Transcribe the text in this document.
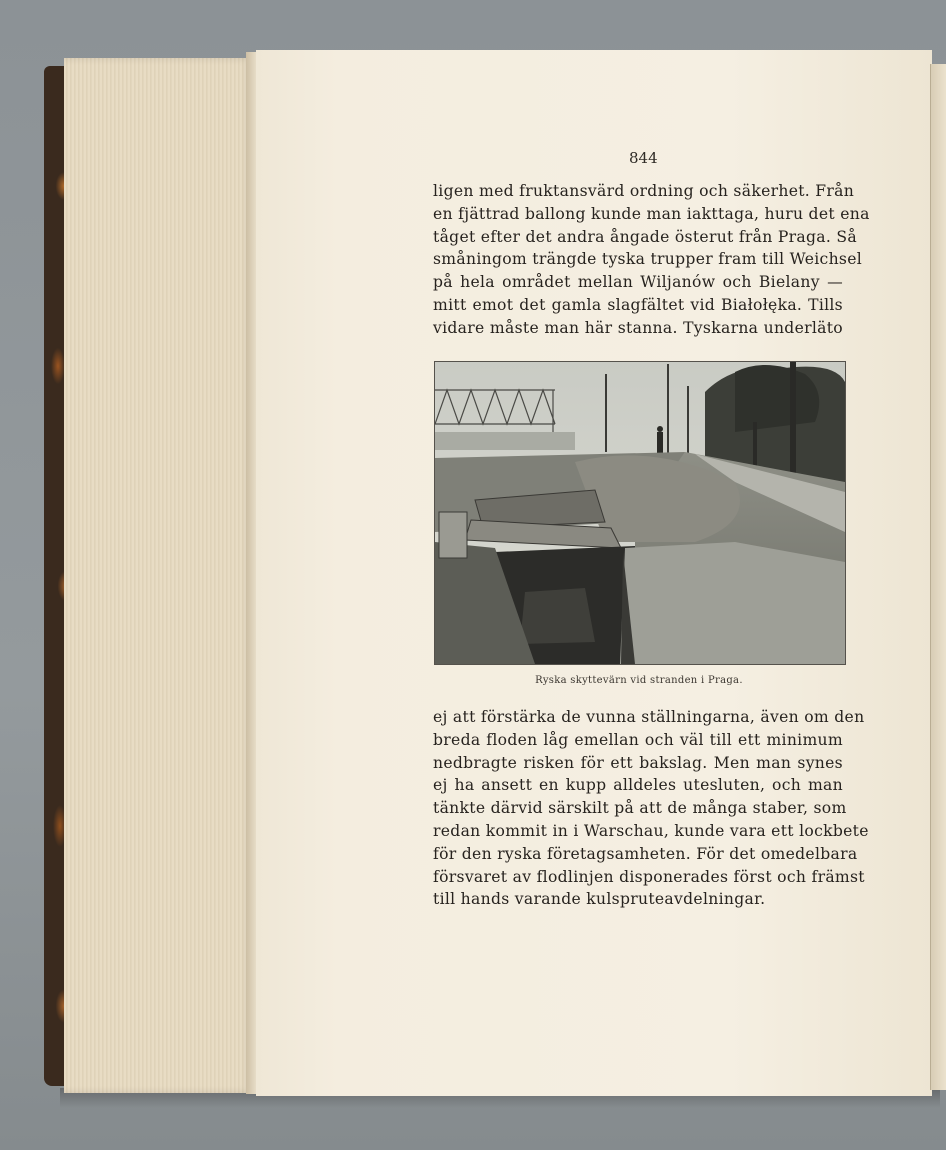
844
ligen med fruktansvärd ordning och säkerhet. Från
en fjättrad ballong kunde man iakttaga, huru det ena
tåget efter det andra ångade österut från Praga. Så
småningom trängde tyska trupper fram till Weichsel
på hela området mellan Wiljanów och Bielany —
mitt emot det gamla slagfältet vid Białołęka. Tills
vidare måste man här stanna. Tyskarna underläto
Ryska skyttevärn vid stranden i Praga.
ej att förstärka de vunna ställningarna, även om den
breda floden låg emellan och väl till ett minimum
nedbragte risken för ett bakslag. Men man synes
ej ha ansett en kupp alldeles utesluten, och man
tänkte därvid särskilt på att de många staber, som
redan kommit in i Warschau, kunde vara ett lockbete
för den ryska företagsamheten. För det omedelbara
försvaret av flodlinjen disponerades först och främst
till hands varande kulspruteavdelningar.
